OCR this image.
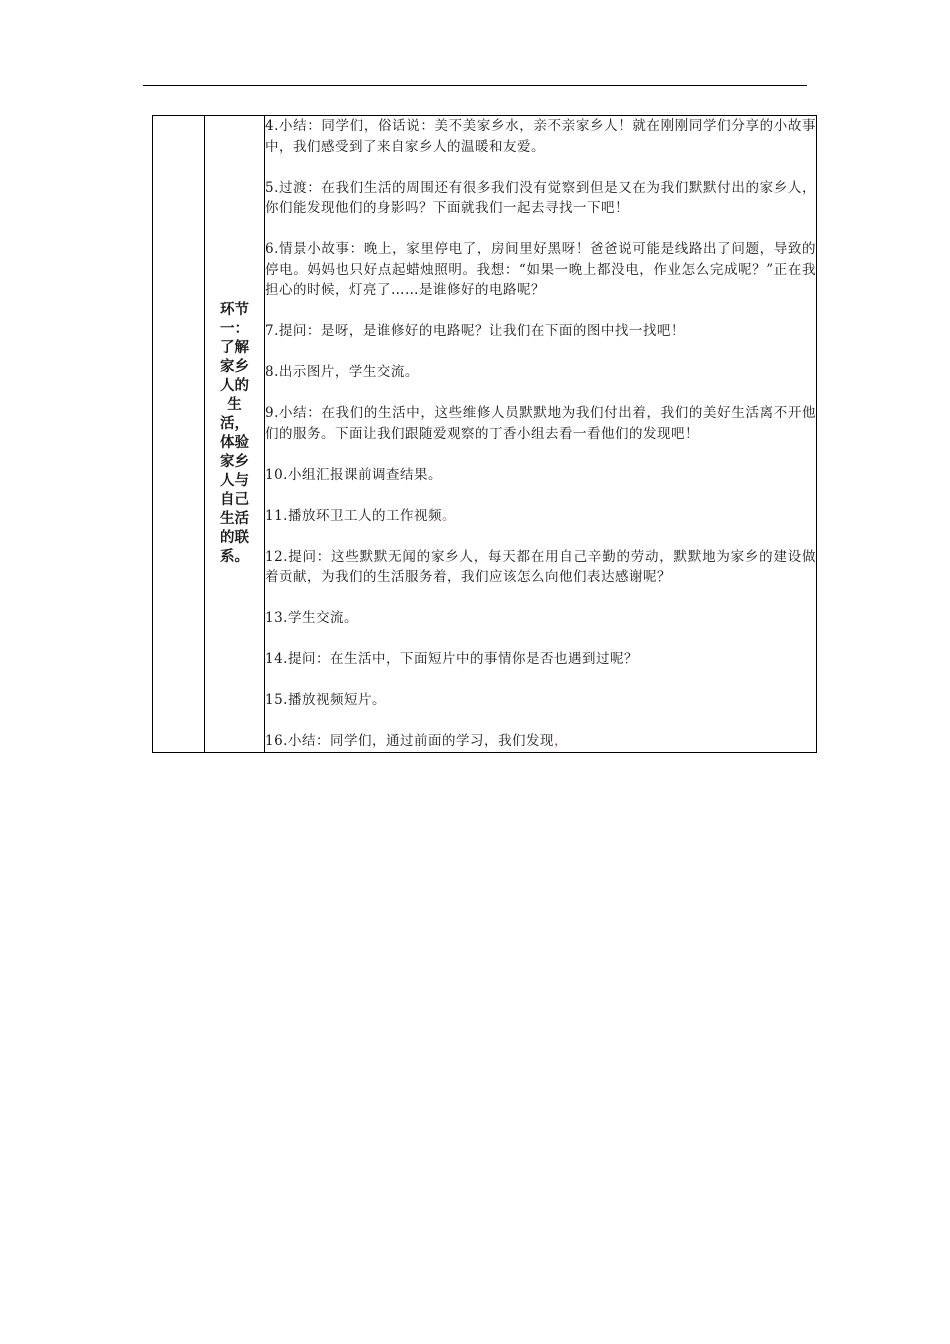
环节一：了解家乡人的生活，体验家乡人与自己生活的联系。

4.小结：同学们，俗话说：美不美家乡水，亲不亲家乡人！就在刚刚同学们分享的小故事中，我们感受到了来自家乡人的温暖和友爱。

5.过渡：在我们生活的周围还有很多我们没有觉察到但是又在为我们默默付出的家乡人，你们能发现他们的身影吗？下面就我们一起去寻找一下吧！

6.情景小故事：晚上，家里停电了，房间里好黑呀！爸爸说可能是线路出了问题，导致的停电。妈妈也只好点起蜡烛照明。我想：“如果一晚上都没电，作业怎么完成呢？”正在我担心的时候，灯亮了……是谁修好的电路呢？

7.提问：是呀，是谁修好的电路呢？让我们在下面的图中找一找吧！

8.出示图片，学生交流。

9.小结：在我们的生活中，这些维修人员默默地为我们付出着，我们的美好生活离不开他们的服务。下面让我们跟随爱观察的丁香小组去看一看他们的发现吧！

10.小组汇报课前调查结果。

11.播放环卫工人的工作视频。

12.提问：这些默默无闻的家乡人，每天都在用自己辛勤的劳动，默默地为家乡的建设做着贡献，为我们的生活服务着，我们应该怎么向他们表达感谢呢？

13.学生交流。

14.提问：在生活中，下面短片中的事情你是否也遇到过呢？

15.播放视频短片。

16.小结：同学们，通过前面的学习，我们发现，
